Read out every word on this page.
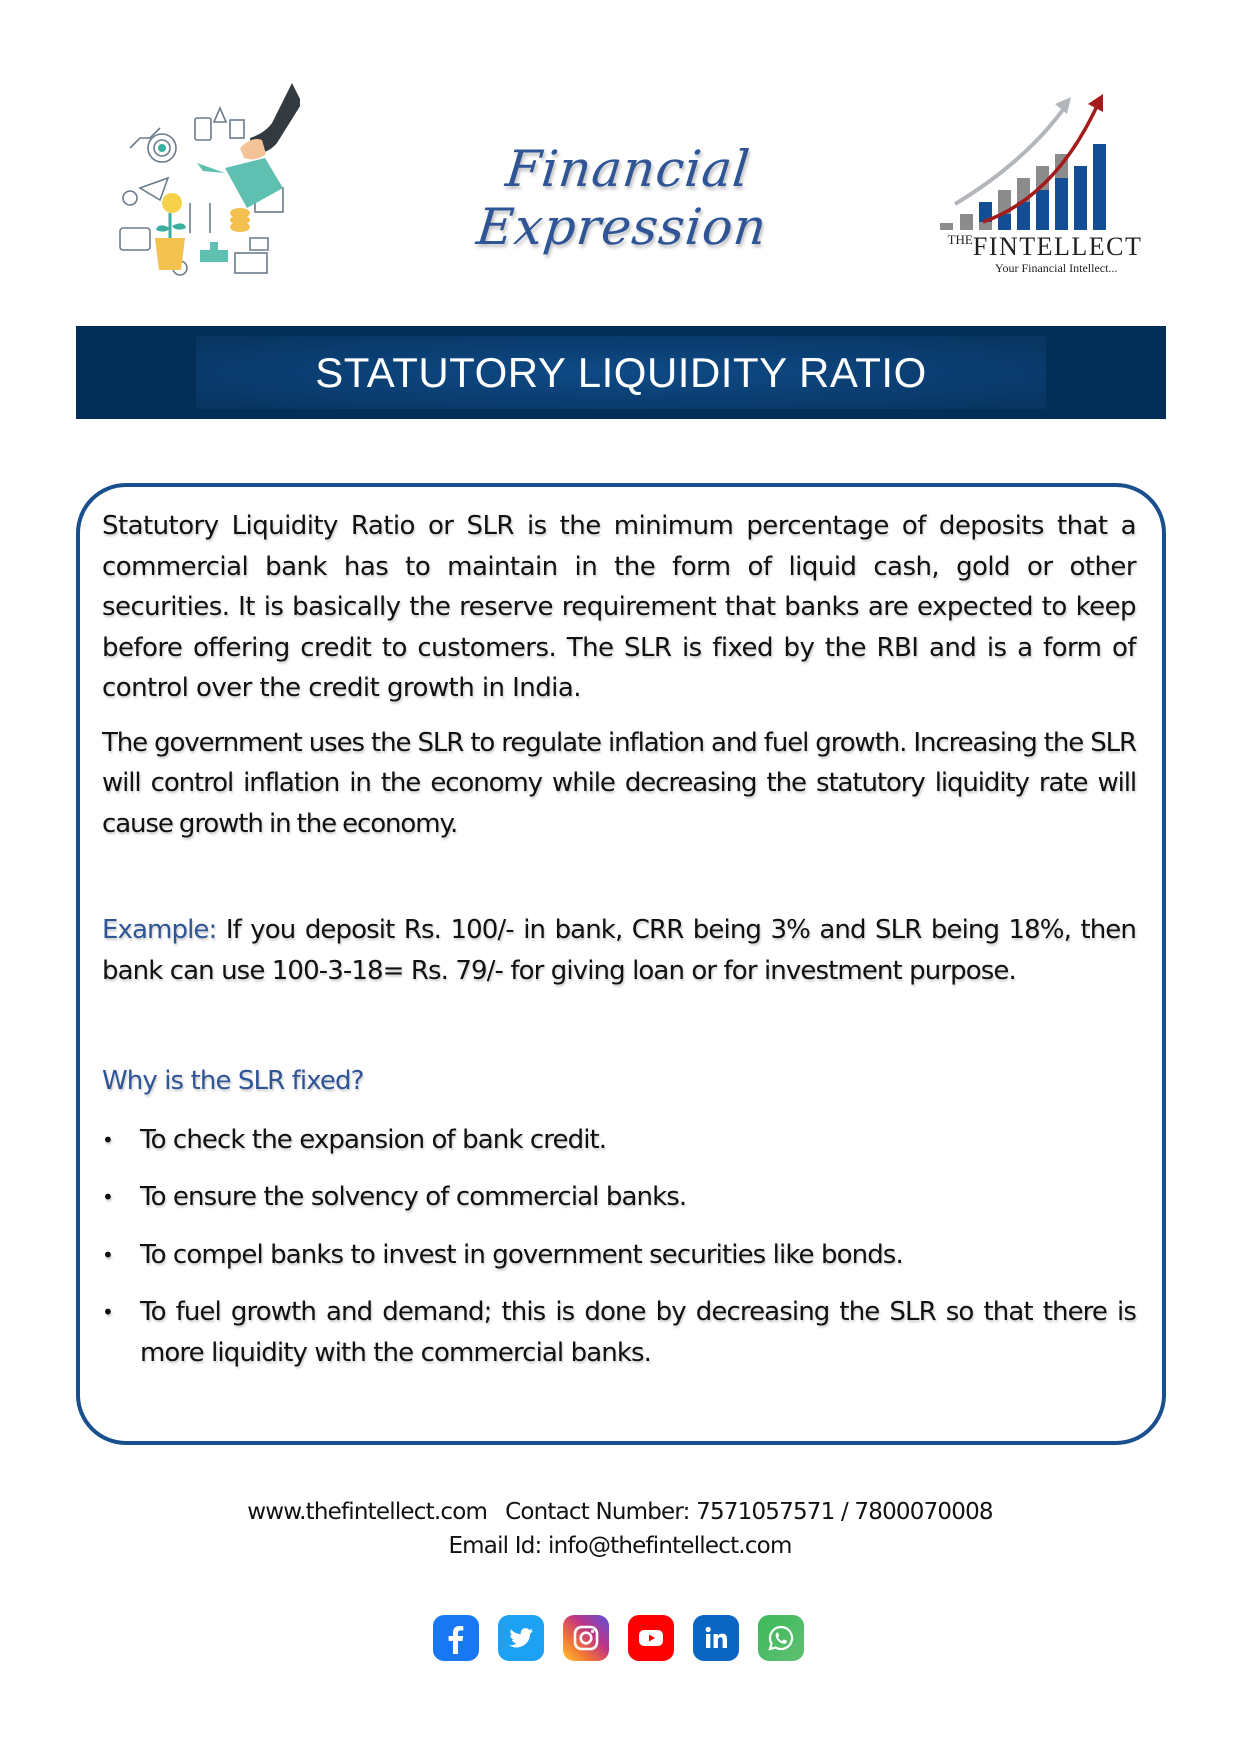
Financial Expression	$^{THE}$FINTELLECT
Your Financial Intellect...
STATUTORY LIQUIDITY RATIO

Statutory Liquidity Ratio or SLR is the minimum percentage of deposits that a commercial bank has to maintain in the form of liquid cash, gold or other securities. It is basically the reserve requirement that banks are expected to keep before offering credit to customers. The SLR is fixed by the RBI and is a form of control over the credit growth in India.

The government uses the SLR to regulate inflation and fuel growth. Increasing the SLR will control inflation in the economy while decreasing the statutory liquidity rate will cause growth in the economy.

Example: If you deposit Rs. 100/- in bank, CRR being 3% and SLR being 18%, then bank can use 100-3-18= Rs. 79/- for giving loan or for investment purpose.

Why is the SLR fixed?
• To check the expansion of bank credit.
• To ensure the solvency of commercial banks.
• To compel banks to invest in government securities like bonds.
• To fuel growth and demand; this is done by decreasing the SLR so that there is more liquidity with the commercial banks.
www.thefintellect.com Contact Number: 7571057571 / 7800070008
Email Id: info@thefintellect.com
